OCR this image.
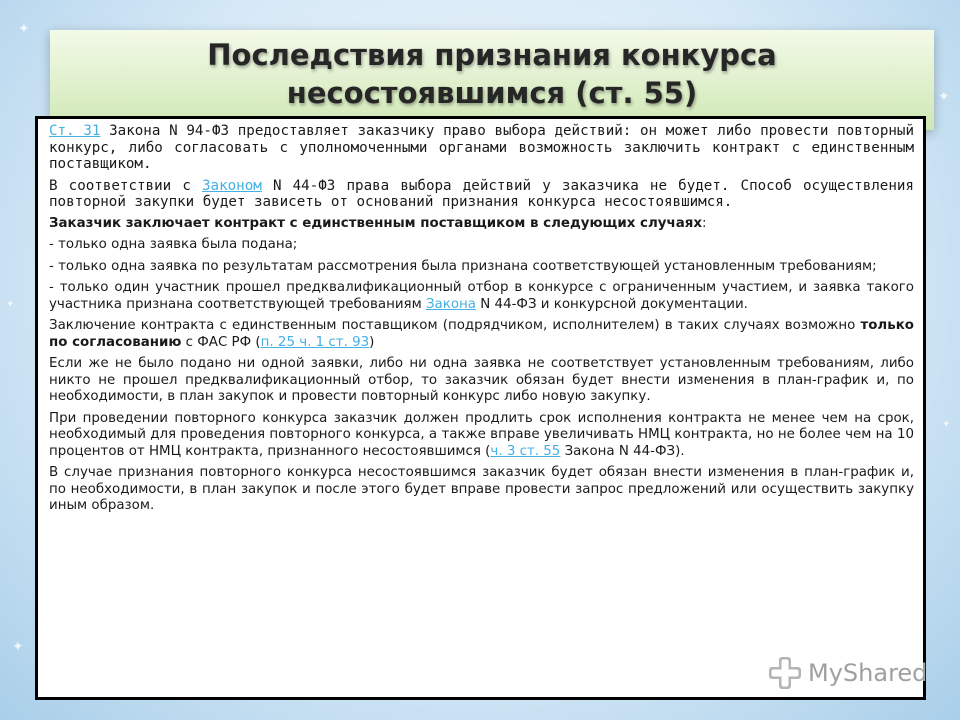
✦
✦
✦
✦
✦
Последствия признания конкурса
несостоявшимся (ст. 55)

Ст. 31 Закона N 94-ФЗ предоставляет заказчику право выбора действий: он может либо провести повторный конкурс, либо согласовать с уполномоченными органами возможность заключить контракт с единственным поставщиком.

В соответствии с Законом N 44-ФЗ права выбора действий у заказчика не будет. Способ осуществления повторной закупки будет зависеть от оснований признания конкурса несостоявшимся.

Заказчик заключает контракт с единственным поставщиком в следующих случаях:

- только одна заявка была подана;

- только одна заявка по результатам рассмотрения была признана соответствующей установленным требованиям;

- только один участник прошел предквалификационный отбор в конкурсе с ограниченным участием, и заявка такого участника признана соответствующей требованиям Закона N 44-ФЗ и конкурсной документации.

Заключение контракта с единственным поставщиком (подрядчиком, исполнителем) в таких случаях возможно только по согласованию с ФАС РФ (п. 25 ч. 1 ст. 93)

Если же не было подано ни одной заявки, либо ни одна заявка не соответствует установленным требованиям, либо никто не прошел предквалификационный отбор, то заказчик обязан будет внести изменения в план-график и, по необходимости, в план закупок и провести повторный конкурс либо новую закупку.

При проведении повторного конкурса заказчик должен продлить срок исполнения контракта не менее чем на срок, необходимый для проведения повторного конкурса, а также вправе увеличивать НМЦ контракта, но не более чем на 10 процентов от НМЦ контракта, признанного несостоявшимся (ч. 3 ст. 55 Закона N 44-ФЗ).

В случае признания повторного конкурса несостоявшимся заказчик будет обязан внести изменения в план-график и, по необходимости, в план закупок и после этого будет вправе провести запрос предложений или осуществить закупку иным образом.

MyShared
